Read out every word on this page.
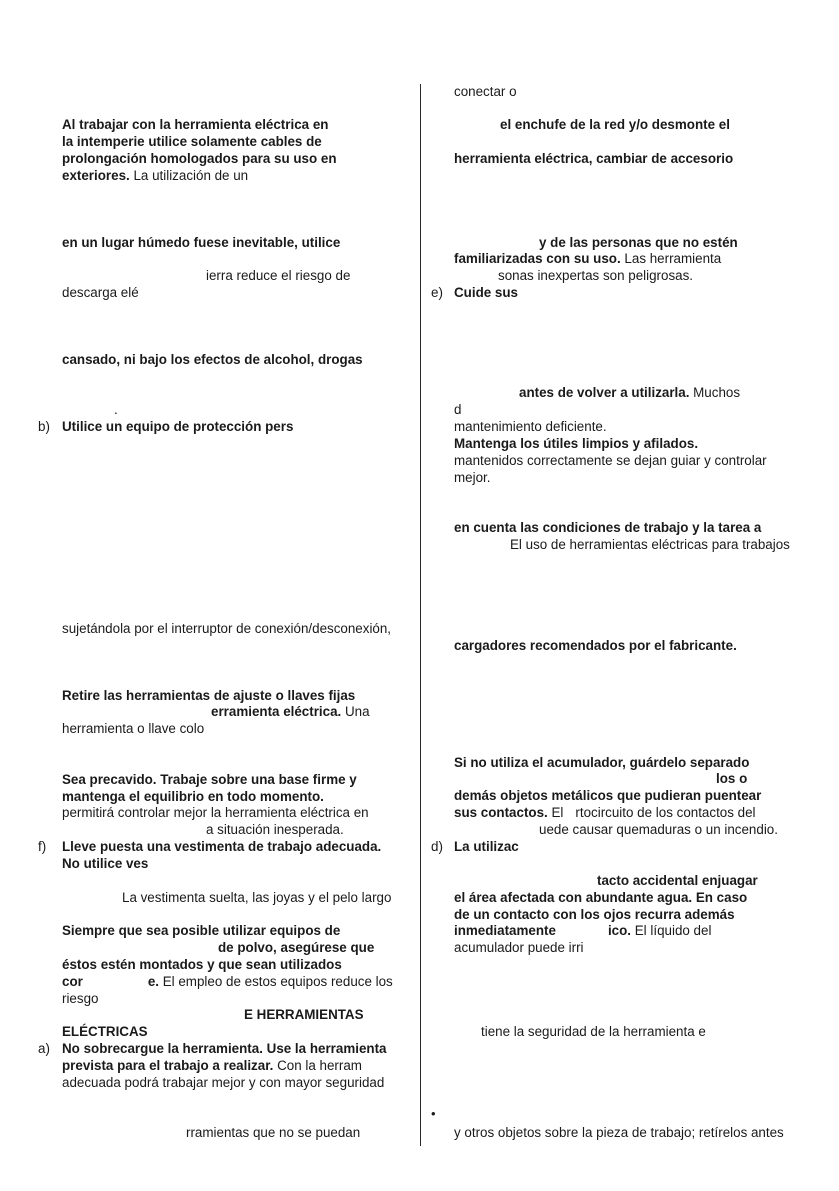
Al trabajar con la herramienta eléctrica en
la intemperie utilice solamente cables de
prolongación homologados para su uso en
exteriores. La utilización de un
en un lugar húmedo fuese inevitable, utilice
ierra reduce el riesgo de
descarga elé
cansado, ni bajo los efectos de alcohol, drogas
.
b) Utilice un equipo de protección pers
sujetándola por el interruptor de conexión/desconexión,
Retire las herramientas de ajuste o llaves fijas
erramienta eléctrica. Una
herramienta o llave colo
Sea precavido. Trabaje sobre una base firme y
mantenga el equilibrio en todo momento.
permitirá controlar mejor la herramienta eléctrica en
a situación inesperada.
f) Lleve puesta una vestimenta de trabajo adecuada.
No utilice ves
La vestimenta suelta, las joyas y el pelo largo
Siempre que sea posible utilizar equipos de
de polvo, asegúrese que
éstos estén montados y que sean utilizados
cor	e. El empleo de estos equipos reduce los
riesgo
E HERRAMIENTAS
ELÉCTRICAS
a) No sobrecargue la herramienta. Use la herramienta
prevista para el trabajo a realizar. Con la herram
adecuada podrá trabajar mejor y con mayor seguridad
rramientas que no se puedan
conectar o
el enchufe de la red y/o desmonte el
herramienta eléctrica, cambiar de accesorio
y de las personas que no estén
familiarizadas con su uso. Las herramienta
sonas inexpertas son peligrosas.
e) Cuide sus
antes de volver a utilizarla. Muchos
d
mantenimiento deficiente.
Mantenga los útiles limpios y afilados.
mantenidos correctamente se dejan guiar y controlar
mejor.
en cuenta las condiciones de trabajo y la tarea a
El uso de herramientas eléctricas para trabajos
cargadores recomendados por el fabricante.
Si no utiliza el acumulador, guárdelo separado
los o
demás objetos metálicos que pudieran puentear
sus contactos. El rtocircuito de los contactos del
uede causar quemaduras o un incendio.
d) La utilizac
tacto accidental enjuagar
el área afectada con abundante agua. En caso
de un contacto con los ojos recurra además
inmediatamente	ico. El líquido del
acumulador puede irri
tiene la seguridad de la herramienta e
•
y otros objetos sobre la pieza de trabajo; retírelos antes
